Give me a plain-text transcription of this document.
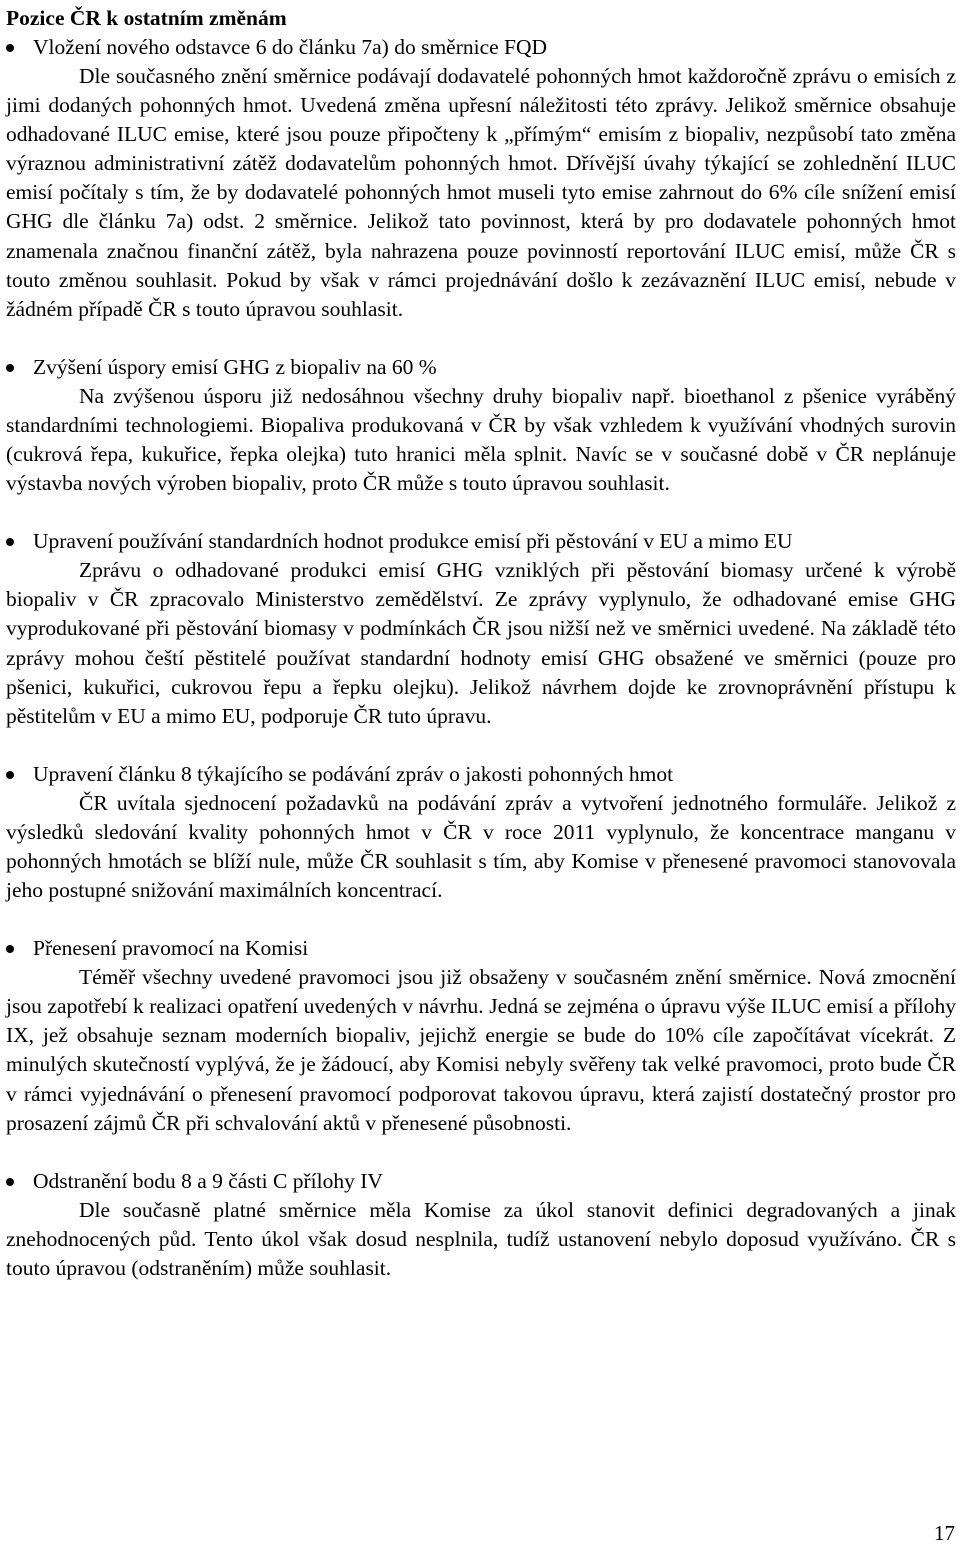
Pozice ČR k ostatním změnám
Vložení nového odstavce 6 do článku 7a) do směrnice FQD

Dle současného znění směrnice podávají dodavatelé pohonných hmot každoročně zprávu o emisích z jimi dodaných pohonných hmot. Uvedená změna upřesní náležitosti této zprávy. Jelikož směrnice obsahuje odhadované ILUC emise, které jsou pouze připočteny k „přímým“ emisím z biopaliv, nezpůsobí tato změna výraznou administrativní zátěž dodavatelům pohonných hmot. Dřívější úvahy týkající se zohlednění ILUC emisí počítaly s tím, že by dodavatelé pohonných hmot museli tyto emise zahrnout do 6% cíle snížení emisí GHG dle článku 7a) odst. 2 směrnice. Jelikož tato povinnost, která by pro dodavatele pohonných hmot znamenala značnou finanční zátěž, byla nahrazena pouze povinností reportování ILUC emisí, může ČR s touto změnou souhlasit. Pokud by však v rámci projednávání došlo k zezávaznění ILUC emisí, nebude v žádném případě ČR s touto úpravou souhlasit.

Zvýšení úspory emisí GHG z biopaliv na 60 %

Na zvýšenou úsporu již nedosáhnou všechny druhy biopaliv např. bioethanol z pšenice vyráběný standardními technologiemi. Biopaliva produkovaná v ČR by však vzhledem k využívání vhodných surovin (cukrová řepa, kukuřice, řepka olejka) tuto hranici měla splnit. Navíc se v současné době v ČR neplánuje výstavba nových výroben biopaliv, proto ČR může s touto úpravou souhlasit.

Upravení používání standardních hodnot produkce emisí při pěstování v EU a mimo EU

Zprávu o odhadované produkci emisí GHG vzniklých při pěstování biomasy určené k výrobě biopaliv v ČR zpracovalo Ministerstvo zemědělství. Ze zprávy vyplynulo, že odhadované emise GHG vyprodukované při pěstování biomasy v podmínkách ČR jsou nižší než ve směrnici uvedené. Na základě této zprávy mohou čeští pěstitelé používat standardní hodnoty emisí GHG obsažené ve směrnici (pouze pro pšenici, kukuřici, cukrovou řepu a řepku olejku). Jelikož návrhem dojde ke zrovnoprávnění přístupu k pěstitelům v EU a mimo EU, podporuje ČR tuto úpravu.

Upravení článku 8 týkajícího se podávání zpráv o jakosti pohonných hmot

ČR uvítala sjednocení požadavků na podávání zpráv a vytvoření jednotného formuláře. Jelikož z výsledků sledování kvality pohonných hmot v ČR v roce 2011 vyplynulo, že koncentrace manganu v pohonných hmotách se blíží nule, může ČR souhlasit s tím, aby Komise v přenesené pravomoci stanovovala jeho postupné snižování maximálních koncentrací.

Přenesení pravomocí na Komisi

Téměř všechny uvedené pravomoci jsou již obsaženy v současném znění směrnice. Nová zmocnění jsou zapotřebí k realizaci opatření uvedených v návrhu. Jedná se zejména o úpravu výše ILUC emisí a přílohy IX, jež obsahuje seznam moderních biopaliv, jejichž energie se bude do 10% cíle započítávat vícekrát. Z minulých skutečností vyplývá, že je žádoucí, aby Komisi nebyly svěřeny tak velké pravomoci, proto bude ČR v rámci vyjednávání o přenesení pravomocí podporovat takovou úpravu, která zajistí dostatečný prostor pro prosazení zájmů ČR při schvalování aktů v přenesené působnosti.

Odstranění bodu 8 a 9 části C přílohy IV

Dle současně platné směrnice měla Komise za úkol stanovit definici degradovaných a jinak znehodnocených půd. Tento úkol však dosud nesplnila, tudíž ustanovení nebylo doposud využíváno. ČR s touto úpravou (odstraněním) může souhlasit.

17
